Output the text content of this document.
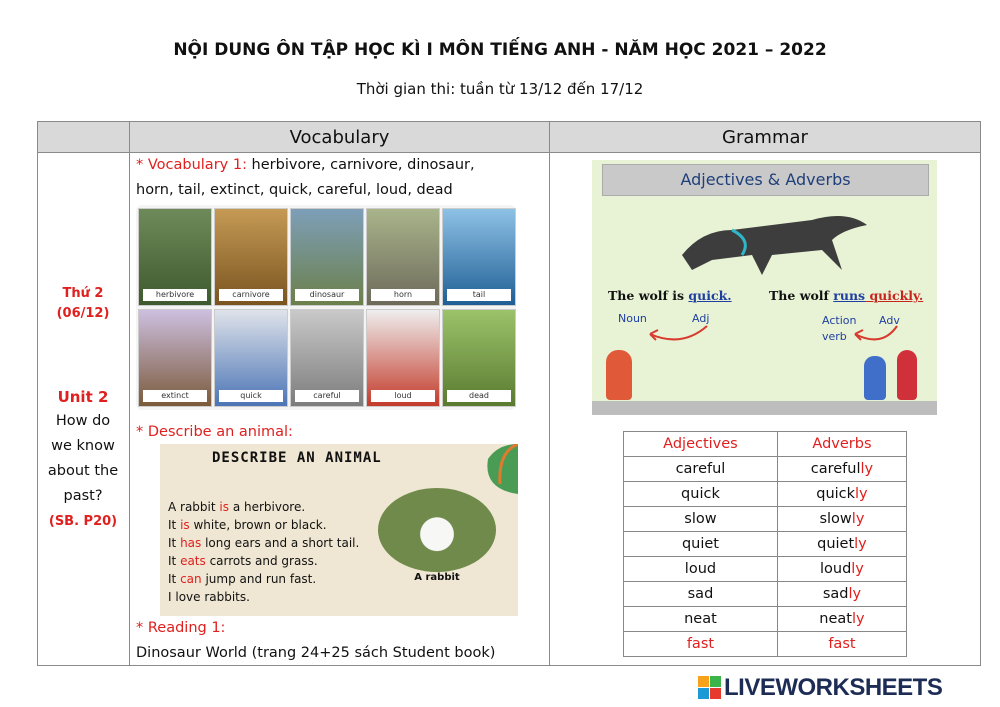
NỘI DUNG ÔN TẬP HỌC KÌ I MÔN TIẾNG ANH - NĂM HỌC 2021 – 2022
Thời gian thi: tuần từ 13/12 đến 17/12
	Vocabulary	Grammar

Thứ 2
(06/12)
Unit 2
How do
we know
about the
past?
(SB. P20)
* Vocabulary 1: herbivore, carnivore, dinosaur,
horn, tail, extinct, quick, careful, loud, dead
herbivore	carnivore	dinosaur	horn	tail
extinct	quick	careful	loud	dead
* Describe an animal:
DESCRIBE AN ANIMAL
A rabbit is a herbivore.
It is white, brown or black.
It has long ears and a short tail.
It eats carrots and grass.
It can jump and run fast.
I love rabbits.
A rabbit
* Reading 1:
Dinosaur World (trang 24+25 sách Student book)
Adjectives & Adverbs
The wolf is quick.	The wolf runs quickly.
Noun	Adj	Action
verb
Adv
Adjectives	Adverbs
careful	carefully
quick	quickly
slow	slowly
quiet	quietly
loud	loudly
sad	sadly
neat	neatly
fast	fast
LIVEWORKSHEETS
